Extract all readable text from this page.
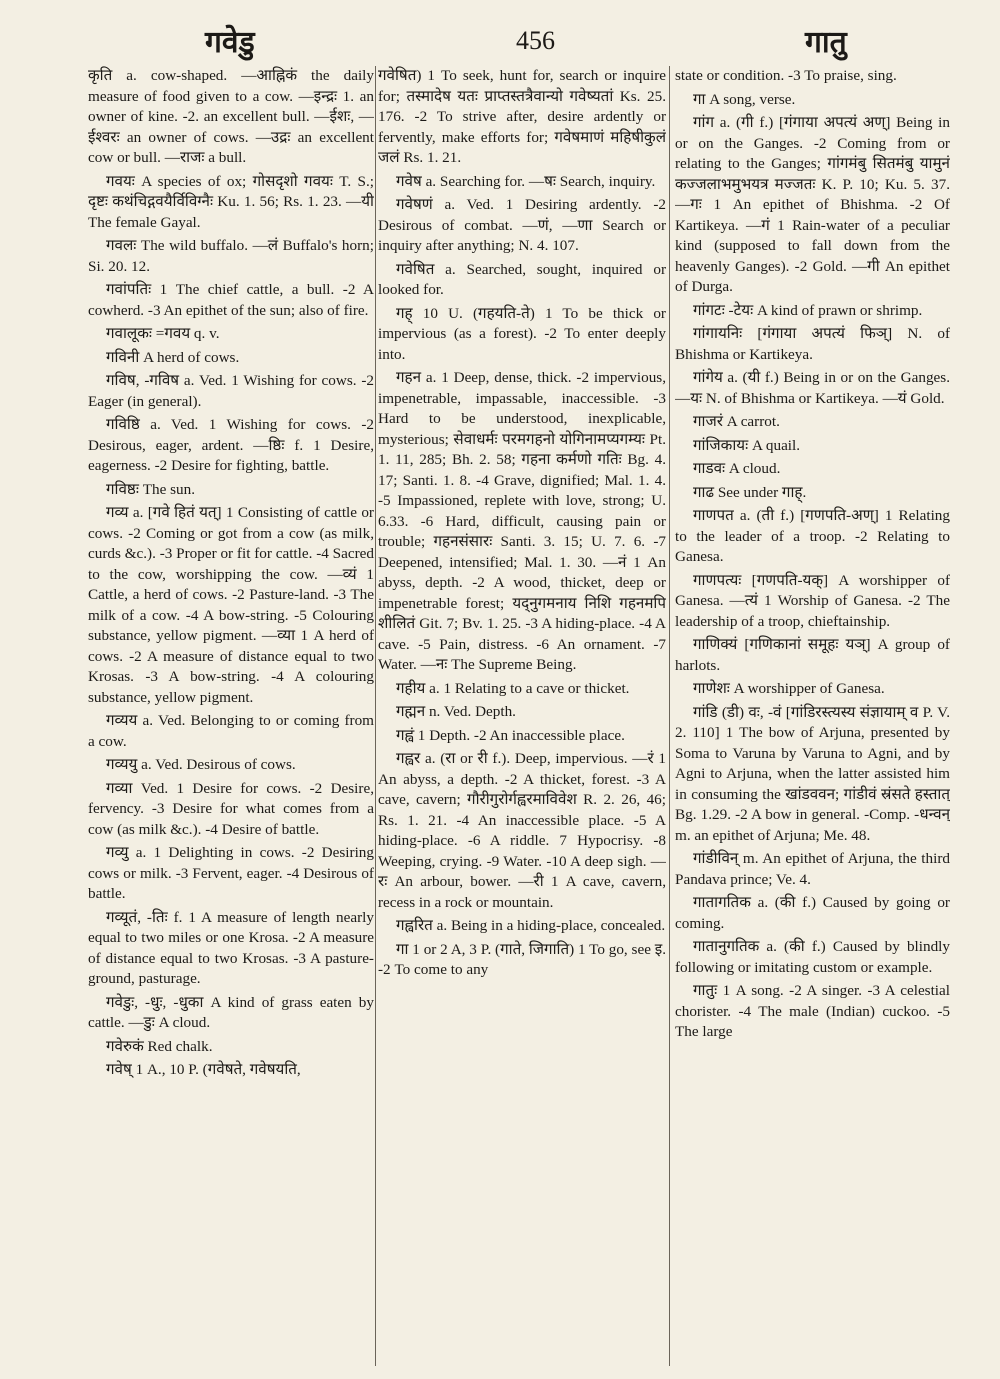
गवेडु	456	गातु

कृति a. cow-shaped. —आह्निकं the daily measure of food given to a cow. —इन्द्रः 1. an owner of kine. -2. an excellent bull. —ईशः, —ईश्वरः an owner of cows. —उद्रः an excellent cow or bull. —राजः a bull.

गवयः A species of ox; गोसदृशो गवयः T. S.; दृष्टः कथंचिद्गवयैर्विविग्नैः Ku. 1. 56; Rs. 1. 23. —यी The female Gayal.

गवलः The wild buffalo. —लं Buffalo's horn; Si. 20. 12.

गवांपतिः 1 The chief cattle, a bull. -2 A cowherd. -3 An epithet of the sun; also of fire.

गवालूकः =गवय q. v.

गविनी A herd of cows.

गविष, -गविष a. Ved. 1 Wishing for cows. -2 Eager (in general).

गविष्ठि a. Ved. 1 Wishing for cows. -2 Desirous, eager, ardent. —ष्ठिः f. 1 Desire, eagerness. -2 Desire for fighting, battle.

गविष्ठः The sun.

गव्य a. [गवे हितं यत्] 1 Consisting of cattle or cows. -2 Coming or got from a cow (as milk, curds &c.). -3 Proper or fit for cattle. -4 Sacred to the cow, worshipping the cow. —व्यं 1 Cattle, a herd of cows. -2 Pasture-land. -3 The milk of a cow. -4 A bow-string. -5 Colouring substance, yellow pigment. —व्या 1 A herd of cows. -2 A measure of distance equal to two Krosas. -3 A bow-string. -4 A colouring substance, yellow pigment.

गव्यय a. Ved. Belonging to or coming from a cow.

गव्ययु a. Ved. Desirous of cows.

गव्या Ved. 1 Desire for cows. -2 Desire, fervency. -3 Desire for what comes from a cow (as milk &c.). -4 Desire of battle.

गव्यु a. 1 Delighting in cows. -2 Desiring cows or milk. -3 Fervent, eager. -4 Desirous of battle.

गव्यूतं, -तिः f. 1 A measure of length nearly equal to two miles or one Krosa. -2 A measure of distance equal to two Krosas. -3 A pasture-ground, pasturage.

गवेडुः, -धुः, -धुका A kind of grass eaten by cattle. —डुः A cloud.

गवेरुकं Red chalk.

गवेष् 1 A., 10 P. (गवेषते, गवेषयति,

गवेषित) 1 To seek, hunt for, search or inquire for; तस्मादेष यतः प्राप्तस्तत्रैवान्यो गवेष्यतां Ks. 25. 176. -2 To strive after, desire ardently or fervently, make efforts for; गवेषमाणं महिषीकुलं जलं Rs. 1. 21.

गवेष a. Searching for. —षः Search, inquiry.

गवेषणं a. Ved. 1 Desiring ardently. -2 Desirous of combat. —णं, —णा Search or inquiry after anything; N. 4. 107.

गवेषित a. Searched, sought, inquired or looked for.

गह् 10 U. (गहयति-ते) 1 To be thick or impervious (as a forest). -2 To enter deeply into.

गहन a. 1 Deep, dense, thick. -2 impervious, impenetrable, impassable, inaccessible. -3 Hard to be understood, inexplicable, mysterious; सेवाधर्मः परमगहनो योगिनामप्यगम्यः Pt. 1. 11, 285; Bh. 2. 58; गहना कर्मणो गतिः Bg. 4. 17; Santi. 1. 8. -4 Grave, dignified; Mal. 1. 4. -5 Impassioned, replete with love, strong; U. 6.33. -6 Hard, difficult, causing pain or trouble; गहनसंसारः Santi. 3. 15; U. 7. 6. -7 Deepened, intensified; Mal. 1. 30. —नं 1 An abyss, depth. -2 A wood, thicket, deep or impenetrable forest; यद्नुगमनाय निशि गहनमपि शीलितं Git. 7; Bv. 1. 25. -3 A hiding-place. -4 A cave. -5 Pain, distress. -6 An ornament. -7 Water. —नः The Supreme Being.

गहीय a. 1 Relating to a cave or thicket.

गह्मन n. Ved. Depth.

गह्वं 1 Depth. -2 An inaccessible place.

गह्वर a. (रा or री f.). Deep, impervious. —रं 1 An abyss, a depth. -2 A thicket, forest. -3 A cave, cavern; गौरीगुरोर्गह्वरमाविवेश R. 2. 26, 46; Rs. 1. 21. -4 An inaccessible place. -5 A hiding-place. -6 A riddle. 7 Hypocrisy. -8 Weeping, crying. -9 Water. -10 A deep sigh. —रः An arbour, bower. —री 1 A cave, cavern, recess in a rock or mountain.

गह्वरित a. Being in a hiding-place, concealed.

गा 1 or 2 A, 3 P. (गाते, जिगाति) 1 To go, see इ. -2 To come to any

state or condition. -3 To praise, sing.

गा A song, verse.

गांग a. (गी f.) [गंगाया अपत्यं अण्] Being in or on the Ganges. -2 Coming from or relating to the Ganges; गांगमंबु सितमंबु यामुनं कज्जलाभमुभयत्र मज्जतः K. P. 10; Ku. 5. 37. —गः 1 An epithet of Bhishma. -2 Of Kartikeya. —गं 1 Rain-water of a peculiar kind (supposed to fall down from the heavenly Ganges). -2 Gold. —गी An epithet of Durga.

गांगटः -टेयः A kind of prawn or shrimp.

गांगायनिः [गंगाया अपत्यं फिञ्] N. of Bhishma or Kartikeya.

गांगेय a. (यी f.) Being in or on the Ganges. —यः N. of Bhishma or Kartikeya. —यं Gold.

गाजरं A carrot.

गांजिकायः A quail.

गाडवः A cloud.

गाढ See under गाह्.

गाणपत a. (ती f.) [गणपति-अण्] 1 Relating to the leader of a troop. -2 Relating to Ganesa.

गाणपत्यः [गणपति-यक्] A worshipper of Ganesa. —त्यं 1 Worship of Ganesa. -2 The leadership of a troop, chieftainship.

गाणिक्यं [गणिकानां समूहः यञ्] A group of harlots.

गाणेशः A worshipper of Ganesa.

गांडि (डी) वः, -वं [गांडिरस्त्यस्य संज्ञायाम् व P. V. 2. 110] 1 The bow of Arjuna, presented by Soma to Varuna by Varuna to Agni, and by Agni to Arjuna, when the latter assisted him in consuming the खांडववन; गांडीवं स्रंसते हस्तात् Bg. 1.29. -2 A bow in general. -Comp. -धन्वन् m. an epithet of Arjuna; Me. 48.

गांडीविन् m. An epithet of Arjuna, the third Pandava prince; Ve. 4.

गातागतिक a. (की f.) Caused by going or coming.

गातानुगतिक a. (की f.) Caused by blindly following or imitating custom or example.

गातुः 1 A song. -2 A singer. -3 A celestial chorister. -4 The male (Indian) cuckoo. -5 The large
